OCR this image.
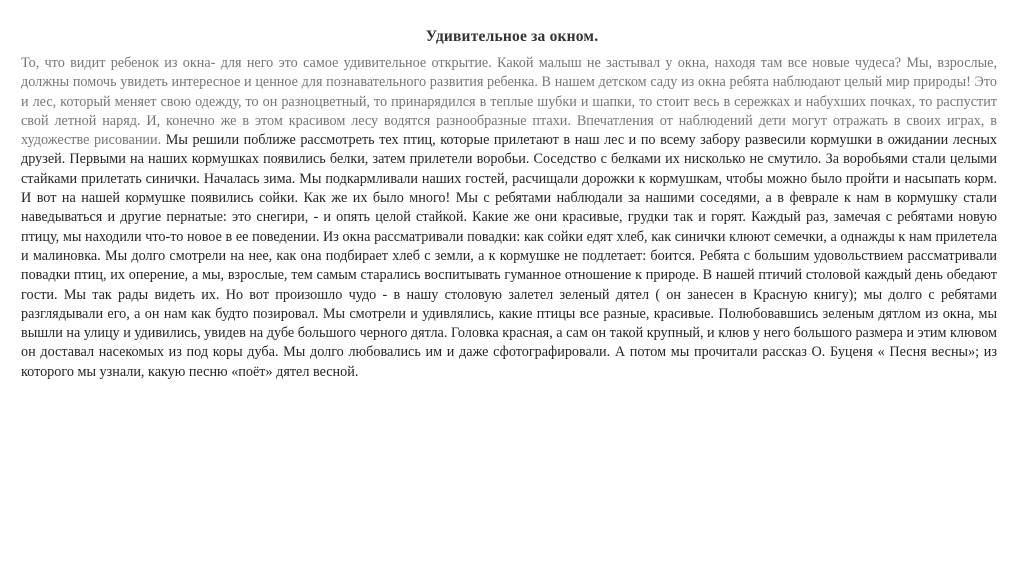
Удивительное за окном.

То, что видит ребенок из окна- для него это самое удивительное открытие. Какой малыш не застывал у окна, находя там все новые чудеса? Мы, взрослые, должны помочь увидеть интересное и ценное для познавательного развития ребенка. В нашем детском саду из окна ребята наблюдают целый мир природы! Это и лес, который меняет свою одежду, то он разноцветный, то принарядился в теплые шубки и шапки, то стоит весь в сережках и набухших почках, то распустит свой летной наряд. И, конечно же в этом красивом лесу водятся разнообразные птахи. Впечатления от наблюдений дети могут отражать в своих играх, в художестве рисовании. Мы решили поближе рассмотреть тех птиц, которые прилетают в наш лес и по всему забору развесили кормушки в ожидании лесных друзей. Первыми на наших кормушках появились белки, затем прилетели воробьи. Соседство с белками их нисколько не смутило. За воробьями стали целыми стайками прилетать синички. Началась зима. Мы подкармливали наших гостей, расчищали дорожки к кормушкам, чтобы можно было пройти и насыпать корм. И вот на нашей кормушке появились сойки. Как же их было много! Мы с ребятами наблюдали за нашими соседями, а в феврале к нам в кормушку стали наведываться и другие пернатые: это снегири, - и опять целой стайкой. Какие же они красивые, грудки так и горят. Каждый раз, замечая с ребятами новую птицу, мы находили что-то новое в ее поведении. Из окна рассматривали повадки: как сойки едят хлеб, как синички клюют семечки, а однажды к нам прилетела и малиновка. Мы долго смотрели на нее, как она подбирает хлеб с земли, а к кормушке не подлетает: боится. Ребята с большим удовольствием рассматривали повадки птиц, их оперение, а мы, взрослые, тем самым старались воспитывать гуманное отношение к природе. В нашей птичий столовой каждый день обедают гости. Мы так рады видеть их. Но вот произошло чудо - в нашу столовую залетел зеленый дятел ( он занесен в Красную книгу); мы долго с ребятами разглядывали его, а он нам как будто позировал. Мы смотрели и удивлялись, какие птицы все разные, красивые. Полюбовавшись зеленым дятлом из окна, мы вышли на улицу и удивились, увидев на дубе большого черного дятла. Головка красная, а сам он такой крупный, и клюв у него большого размера и этим клювом он доставал насекомых из под коры дуба. Мы долго любовались им и даже сфотографировали. А потом мы прочитали рассказ О. Буценя « Песня весны»; из которого мы узнали, какую песню «поёт» дятел весной.
